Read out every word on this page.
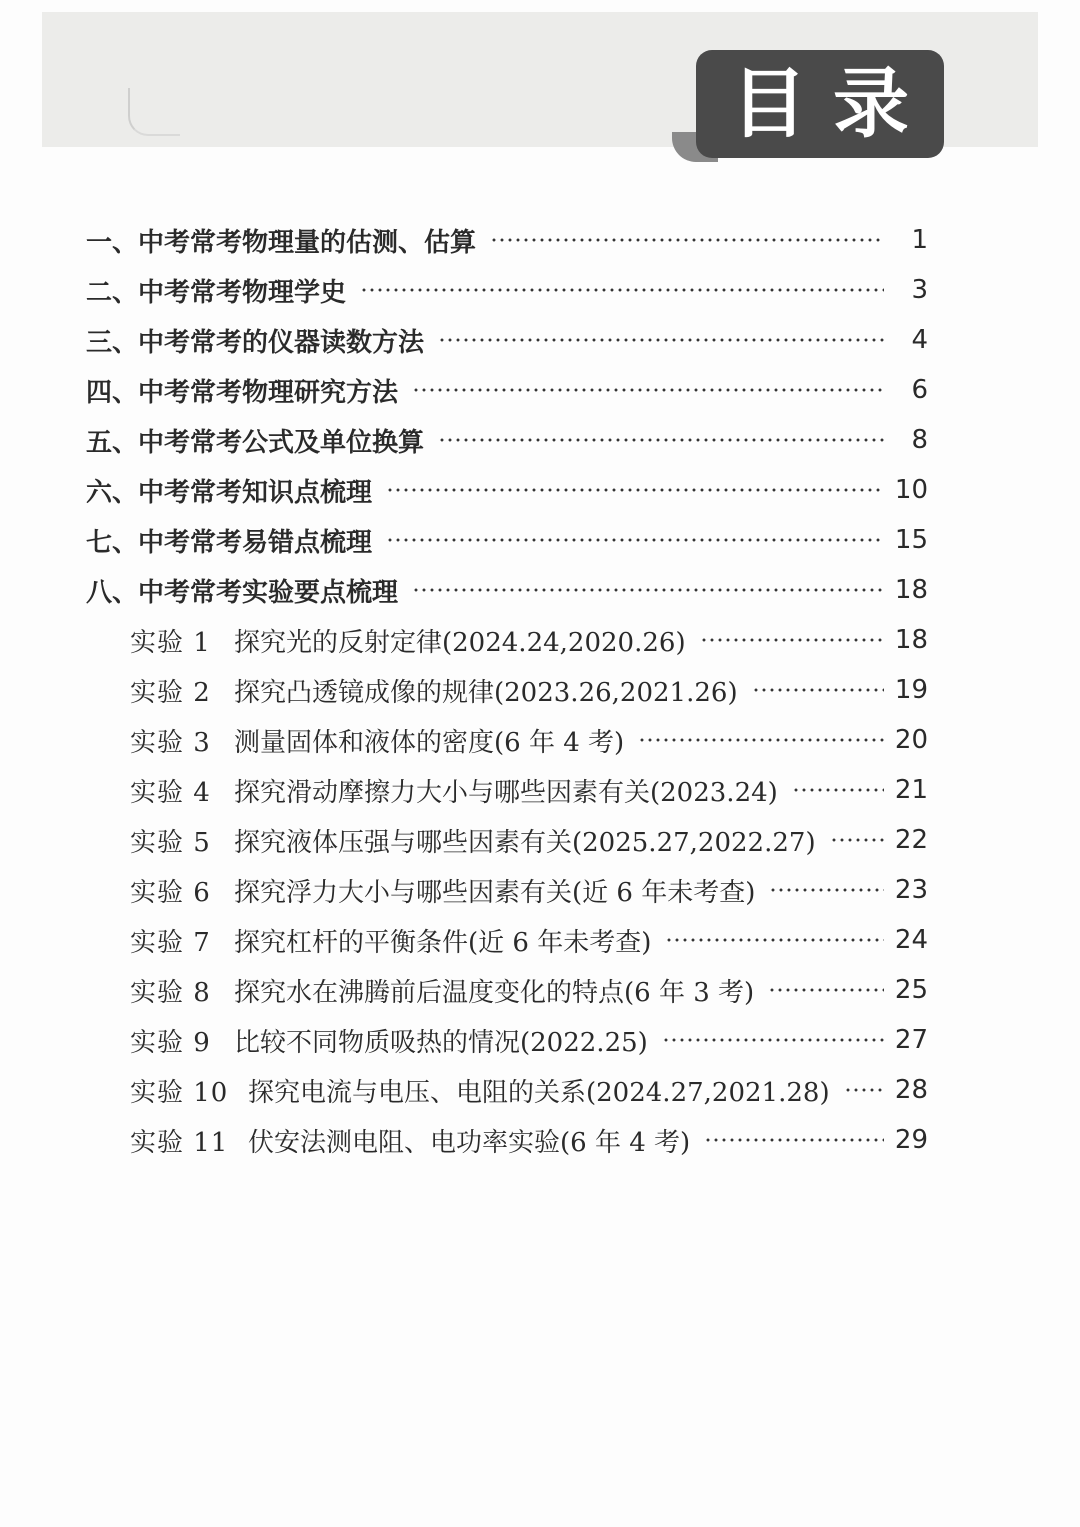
目录
一、中考常考物理量的估测、估算	1
二、中考常考物理学史	3
三、中考常考的仪器读数方法	4
四、中考常考物理研究方法	6
五、中考常考公式及单位换算	8
六、中考常考知识点梳理	10
七、中考常考易错点梳理	15
八、中考常考实验要点梳理	18
实验 1 探究光的反射定律(2024.24,2020.26)	18
实验 2 探究凸透镜成像的规律(2023.26,2021.26)	19
实验 3 测量固体和液体的密度(6 年 4 考)	20
实验 4 探究滑动摩擦力大小与哪些因素有关(2023.24)	21
实验 5 探究液体压强与哪些因素有关(2025.27,2022.27)	22
实验 6 探究浮力大小与哪些因素有关(近 6 年未考查)	23
实验 7 探究杠杆的平衡条件(近 6 年未考查)	24
实验 8 探究水在沸腾前后温度变化的特点(6 年 3 考)	25
实验 9 比较不同物质吸热的情况(2022.25)	27
实验 10 探究电流与电压、电阻的关系(2024.27,2021.28)	28
实验 11 伏安法测电阻、电功率实验(6 年 4 考)	29
